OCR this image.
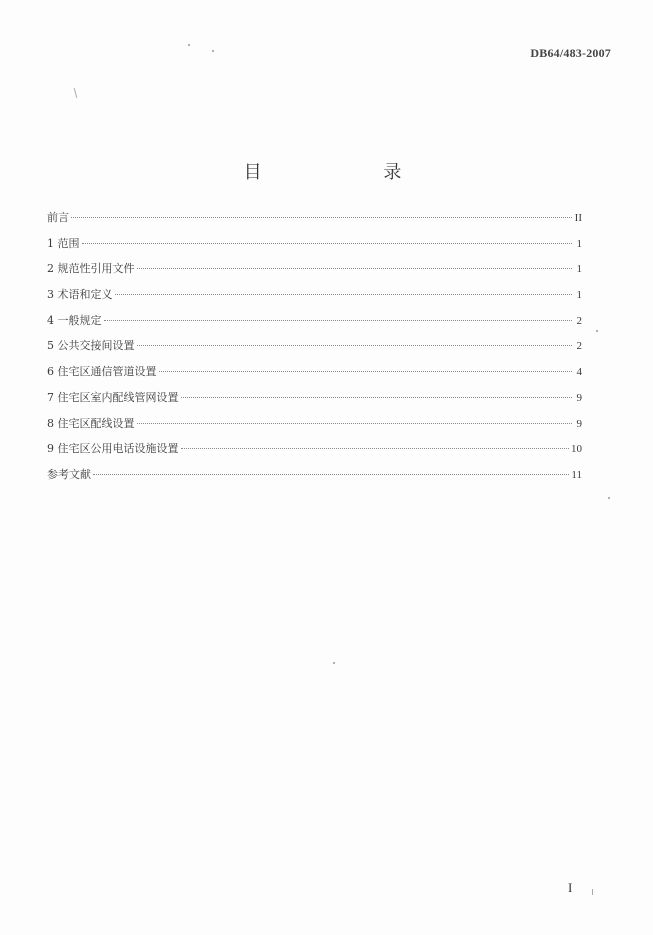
DB64/483-2007
目 录
前言	II
1 范围	1
2 规范性引用文件	1
3 术语和定义	1
4 一般规定	2
5 公共交接间设置	2
6 住宅区通信管道设置	4
7 住宅区室内配线管网设置	9
8 住宅区配线设置	9
9 住宅区公用电话设施设置	10
参考文献	11
I
